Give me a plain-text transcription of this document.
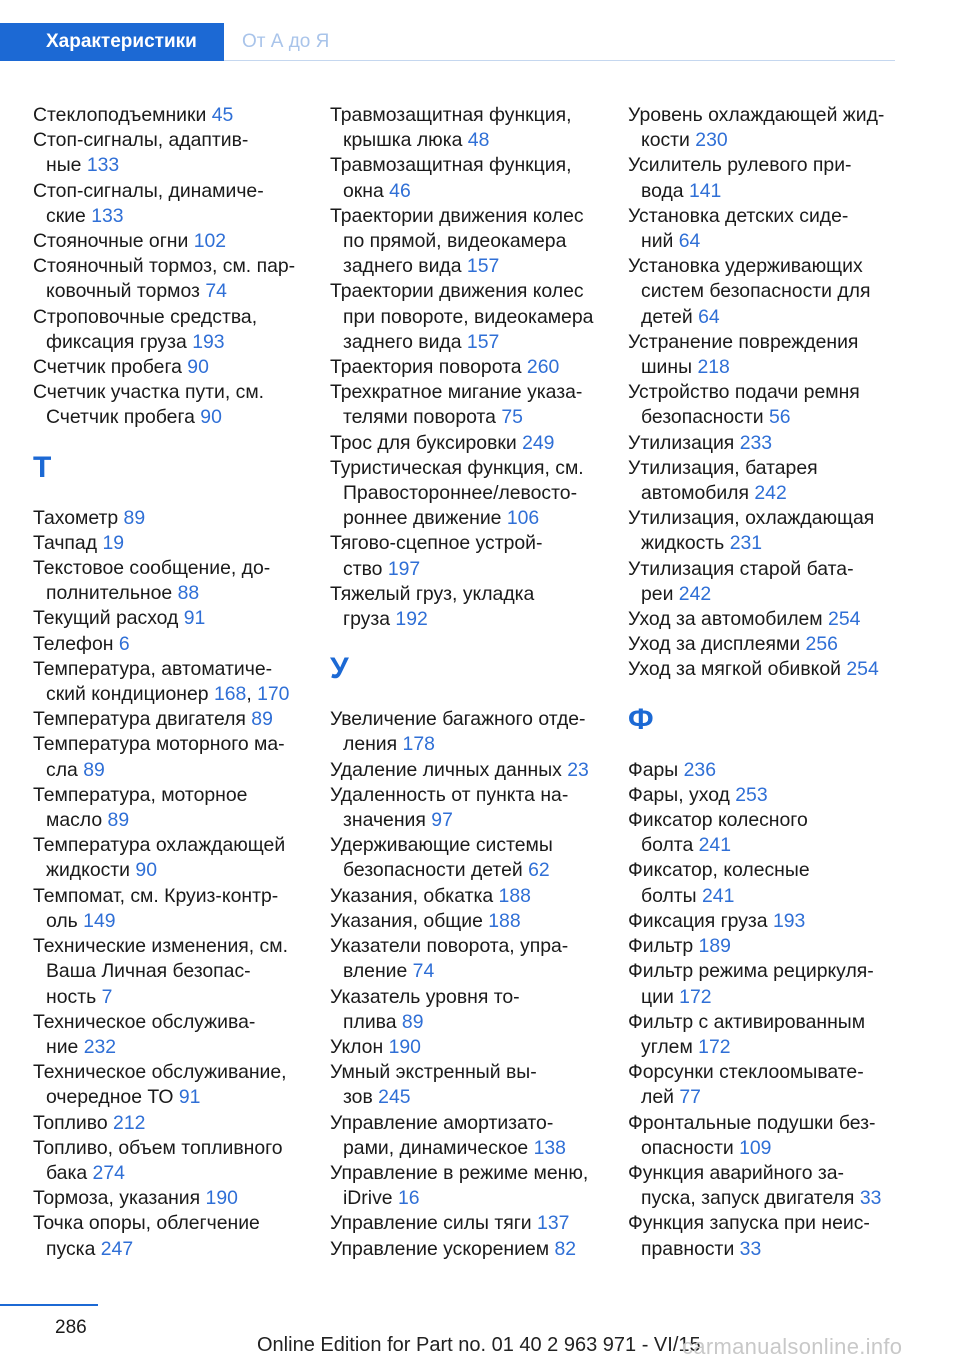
Характеристики	От А до Я
Стеклоподъемники 45
Стоп-сигналы, адаптив-
ные 133
Стоп-сигналы, динамиче-
ские 133
Стояночные огни 102
Стояночный тормоз, см. пар-
ковочный тормоз 74
Строповочные средства,
фиксация груза 193
Счетчик пробега 90
Счетчик участка пути, см.
Счетчик пробега 90
Т
Тахометр 89
Тачпад 19
Текстовое сообщение, до-
полнительное 88
Текущий расход 91
Телефон 6
Температура, автоматиче-
ский кондиционер 168, 170
Температура двигателя 89
Температура моторного ма-
сла 89
Температура, моторное
масло 89
Температура охлаждающей
жидкости 90
Темпомат, см. Круиз-контр-
оль 149
Технические изменения, см.
Ваша Личная безопас-
ность 7
Техническое обслужива-
ние 232
Техническое обслуживание,
очередное ТО 91
Топливо 212
Топливо, объем топливного
бака 274
Тормоза, указания 190
Точка опоры, облегчение
пуска 247
Травмозащитная функция,
крышка люка 48
Травмозащитная функция,
окна 46
Траектории движения колес
по прямой, видеокамера
заднего вида 157
Траектории движения колес
при повороте, видеокамера
заднего вида 157
Траектория поворота 260
Трехкратное мигание указа-
телями поворота 75
Трос для буксировки 249
Туристическая функция, см.
Правостороннее/левосто-
роннее движение 106
Тягово-сцепное устрой-
ство 197
Тяжелый груз, укладка
груза 192
У
Увеличение багажного отде-
ления 178
Удаление личных данных 23
Удаленность от пункта на-
значения 97
Удерживающие системы
безопасности детей 62
Указания, обкатка 188
Указания, общие 188
Указатели поворота, упра-
вление 74
Указатель уровня то-
плива 89
Уклон 190
Умный экстренный вы-
зов 245
Управление амортизато-
рами, динамическое 138
Управление в режиме меню,
iDrive 16
Управление силы тяги 137
Управление ускорением 82
Уровень охлаждающей жид-
кости 230
Усилитель рулевого при-
вода 141
Установка детских сиде-
ний 64
Установка удерживающих
систем безопасности для
детей 64
Устранение повреждения
шины 218
Устройство подачи ремня
безопасности 56
Утилизация 233
Утилизация, батарея
автомобиля 242
Утилизация, охлаждающая
жидкость 231
Утилизация старой бата-
реи 242
Уход за автомобилем 254
Уход за дисплеями 256
Уход за мягкой обивкой 254
Ф
Фары 236
Фары, уход 253
Фиксатор колесного
болта 241
Фиксатор, колесные
болты 241
Фиксация груза 193
Фильтр 189
Фильтр режима рециркуля-
ции 172
Фильтр с активированным
углем 172
Форсунки стеклоомывате-
лей 77
Фронтальные подушки без-
опасности 109
Функция аварийного за-
пуска, запуск двигателя 33
Функция запуска при неис-
правности 33
286
Online Edition for Part no. 01 40 2 963 971 - VI/15
carmanualsonline.info
